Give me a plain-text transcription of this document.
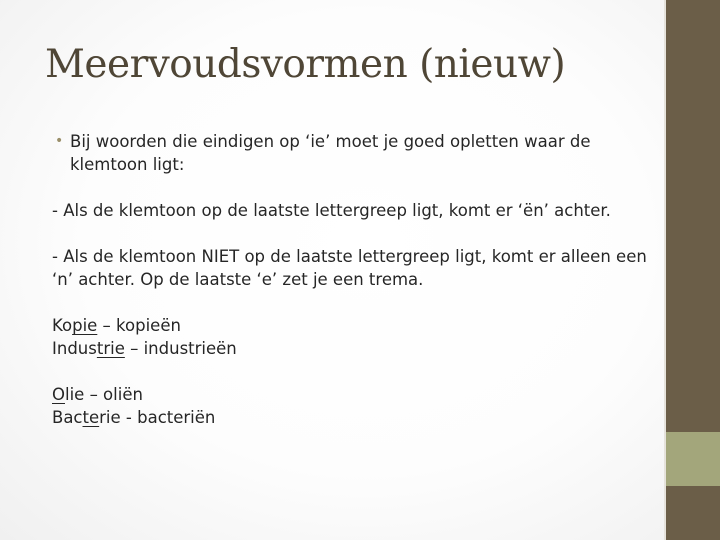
Meervoudsvormen (nieuw)
• Bij woorden die eindigen op ‘ie’ moet je goed opletten waar de klemtoon ligt:
- Als de klemtoon op de laatste lettergreep ligt, komt er ‘ën’ achter.
- Als de klemtoon NIET op de laatste lettergreep ligt, komt er alleen een ‘n’ achter. Op de laatste ‘e’ zet je een trema.
Kopie – kopieën
Industrie – industrieën
Olie – oliën
Bacterie - bacteriën
